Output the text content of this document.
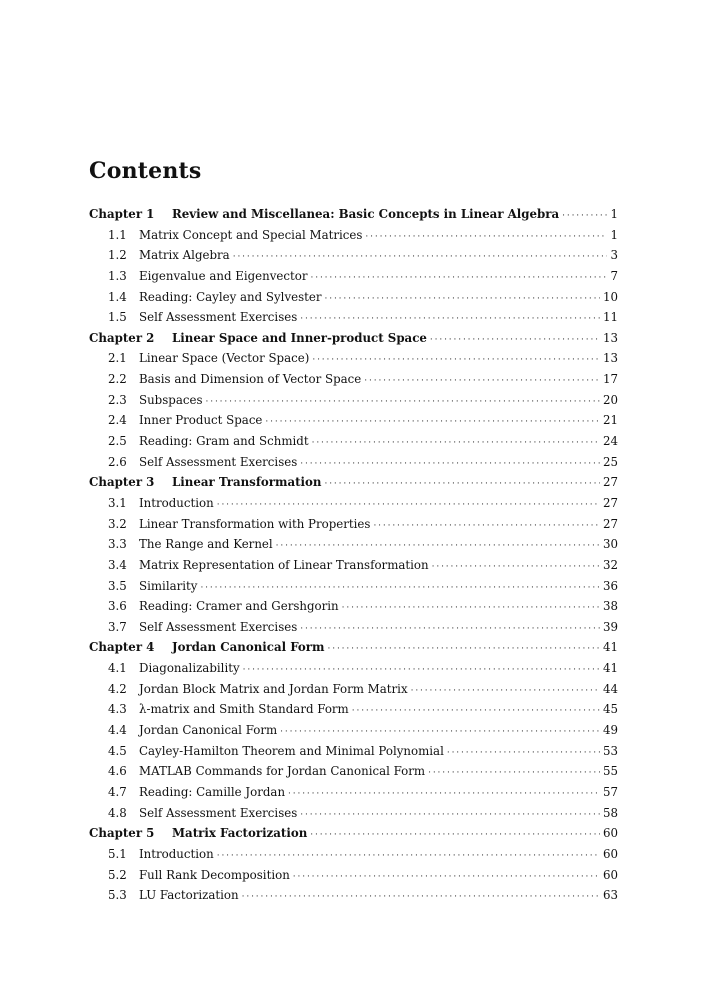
Contents
Chapter 1	Review and Miscellanea: Basic Concepts in Linear Algebra · · ·	1
1.1	Matrix Concept and Special Matrices · · ·	1
1.2	Matrix Algebra · · ·	3
1.3	Eigenvalue and Eigenvector · · ·	7
1.4	Reading: Cayley and Sylvester · · ·	10
1.5	Self Assessment Exercises · · ·	11
Chapter 2	Linear Space and Inner-product Space · · ·	13
2.1	Linear Space (Vector Space) · · ·	13
2.2	Basis and Dimension of Vector Space · · ·	17
2.3	Subspaces · · ·	20
2.4	Inner Product Space · · ·	21
2.5	Reading: Gram and Schmidt · · ·	24
2.6	Self Assessment Exercises · · ·	25
Chapter 3	Linear Transformation · · ·	27
3.1	Introduction · · ·	27
3.2	Linear Transformation with Properties · · ·	27
3.3	The Range and Kernel · · ·	30
3.4	Matrix Representation of Linear Transformation · · ·	32
3.5	Similarity · · ·	36
3.6	Reading: Cramer and Gershgorin · · ·	38
3.7	Self Assessment Exercises · · ·	39
Chapter 4	Jordan Canonical Form · · ·	41
4.1	Diagonalizability · · ·	41
4.2	Jordan Block Matrix and Jordan Form Matrix · · ·	44
4.3	λ-matrix and Smith Standard Form · · ·	45
4.4	Jordan Canonical Form · · ·	49
4.5	Cayley-Hamilton Theorem and Minimal Polynomial · · ·	53
4.6	MATLAB Commands for Jordan Canonical Form · · ·	55
4.7	Reading: Camille Jordan · · ·	57
4.8	Self Assessment Exercises · · ·	58
Chapter 5	Matrix Factorization · · ·	60
5.1	Introduction · · ·	60
5.2	Full Rank Decomposition · · ·	60
5.3	LU Factorization · · ·	63
